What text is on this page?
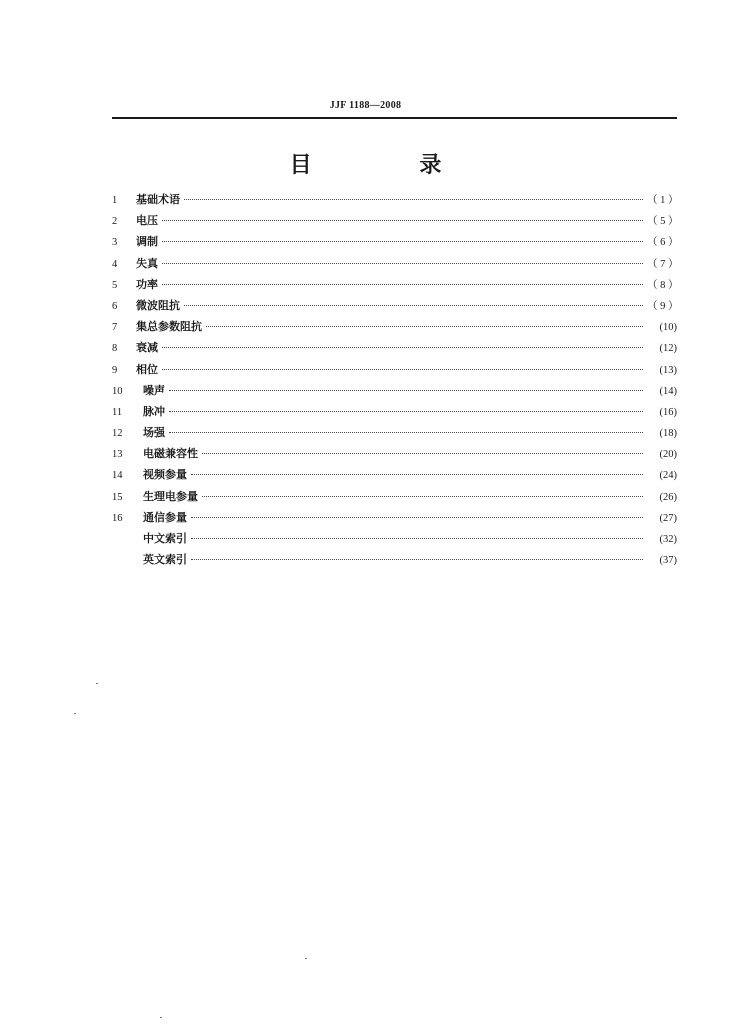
JJF 1188—2008
目 录
1	基础术语	（ 1 ）
2	电压	（ 5 ）
3	调制	（ 6 ）
4	失真	（ 7 ）
5	功率	（ 8 ）
6	微波阻抗	（ 9 ）
7	集总参数阻抗	(10)
8	衰减	(12)
9	相位	(13)
10	噪声	(14)
11	脉冲	(16)
12	场强	(18)
13	电磁兼容性	(20)
14	视频参量	(24)
15	生理电参量	(26)
16	通信参量	(27)
中文索引	(32)
英文索引	(37)
